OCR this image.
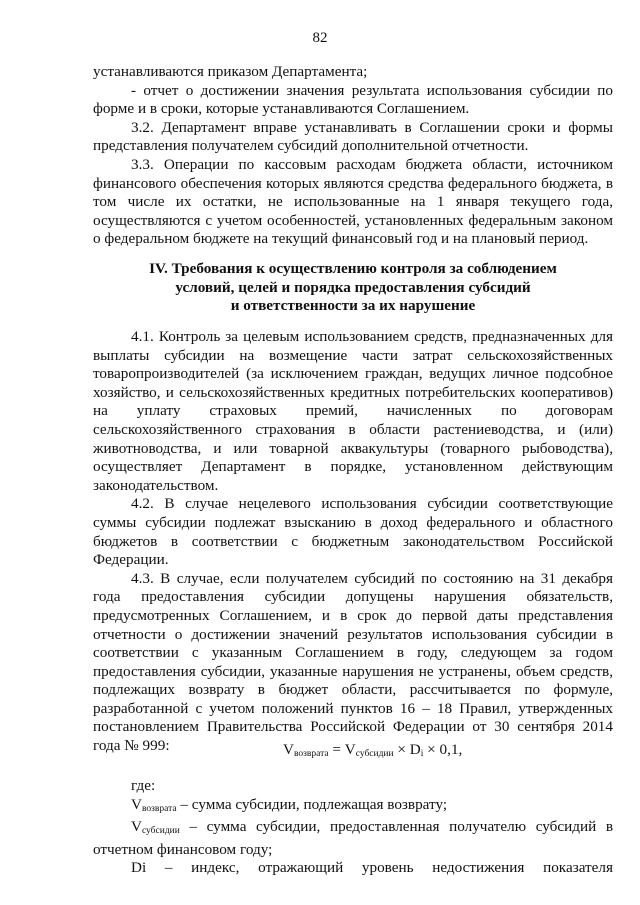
82

устанавливаются приказом Департамента;

- отчет о достижении значения результата использования субсидии по форме и в сроки, которые устанавливаются Соглашением.

3.2. Департамент вправе устанавливать в Соглашении сроки и формы представления получателем субсидий дополнительной отчетности.

3.3. Операции по кассовым расходам бюджета области, источником финансового обеспечения которых являются средства федерального бюджета, в том числе их остатки, не использованные на 1 января текущего года, осуществляются с учетом особенностей, установленных федеральным законом о федеральном бюджете на текущий финансовый год и на плановый период.

IV. Требования к осуществлению контроля за соблюдением
условий, целей и порядка предоставления субсидий
и ответственности за их нарушение

4.1. Контроль за целевым использованием средств, предназначенных для выплаты субсидии на возмещение части затрат сельскохозяйственных товаропроизводителей (за исключением граждан, ведущих личное подсобное хозяйство, и сельскохозяйственных кредитных потребительских кооперативов) на уплату страховых премий, начисленных по договорам сельскохозяйственного страхования в области растениеводства, и (или) животноводства, и или товарной аквакультуры (товарного рыбоводства), осуществляет Департамент в порядке, установленном действующим законодательством.

4.2. В случае нецелевого использования субсидии соответствующие суммы субсидии подлежат взысканию в доход федерального и областного бюджетов в соответствии с бюджетным законодательством Российской Федерации.

4.3. В случае, если получателем субсидий по состоянию на 31 декабря года предоставления субсидии допущены нарушения обязательств, предусмотренных Соглашением, и в срок до первой даты представления отчетности о достижении значений результатов использования субсидии в соответствии с указанным Соглашением в году, следующем за годом предоставления субсидии, указанные нарушения не устранены, объем средств, подлежащих возврату в бюджет области, рассчитывается по формуле, разработанной с учетом положений пунктов 16 – 18 Правил, утвержденных постановлением Правительства Российской Федерации от 30 сентября 2014 года № 999:	$V_{возврата} = V_{субсидии} \times D_i \times 0,1$,

где:

$V_{возврата}$ – сумма субсидии, подлежащая возврату;

$V_{субсидии}$ – сумма субсидии, предоставленная получателю субсидий в отчетном финансовом году;

Di – индекс, отражающий уровень недостижения показателя
